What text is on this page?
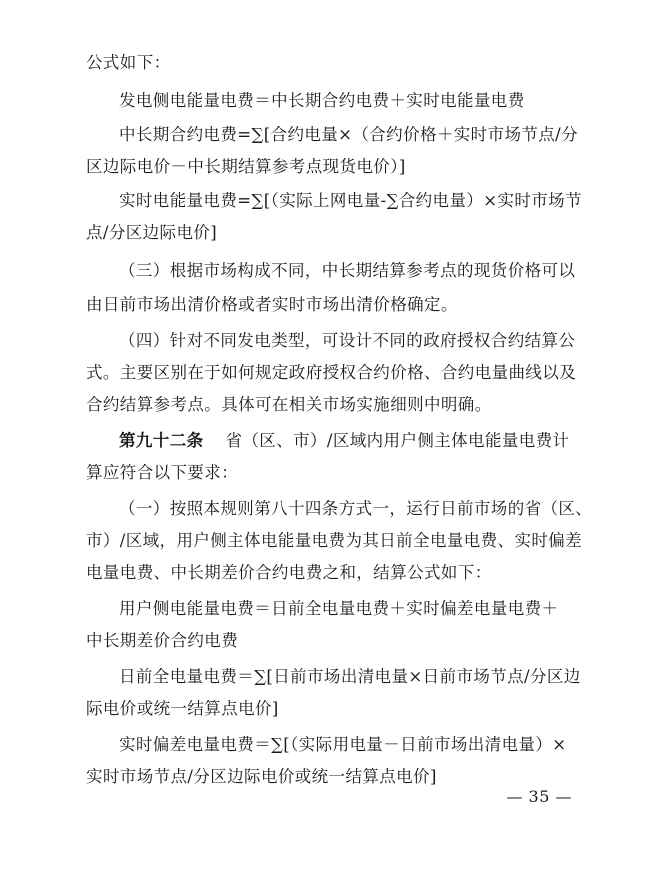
公式如下：
发电侧电能量电费＝中长期合约电费＋实时电能量电费
中长期合约电费=∑[合约电量×（合约价格＋实时市场节点/分
区边际电价－中长期结算参考点现货电价）]
实时电能量电费=∑[（实际上网电量-∑合约电量）×实时市场节
点/分区边际电价]
（三）根据市场构成不同，中长期结算参考点的现货价格可以
由日前市场出清价格或者实时市场出清价格确定。
（四）针对不同发电类型，可设计不同的政府授权合约结算公
式。主要区别在于如何规定政府授权合约价格、合约电量曲线以及
合约结算参考点。具体可在相关市场实施细则中明确。
第九十二条 省（区、市）/区域内用户侧主体电能量电费计
算应符合以下要求：
（一）按照本规则第八十四条方式一，运行日前市场的省（区、
市）/区域，用户侧主体电能量电费为其日前全电量电费、实时偏差
电量电费、中长期差价合约电费之和，结算公式如下：
用户侧电能量电费＝日前全电量电费＋实时偏差电量电费＋
中长期差价合约电费
日前全电量电费＝∑[日前市场出清电量×日前市场节点/分区边
际电价或统一结算点电价]
实时偏差电量电费＝∑[（实际用电量－日前市场出清电量）×
实时市场节点/分区边际电价或统一结算点电价]
— 35 —
